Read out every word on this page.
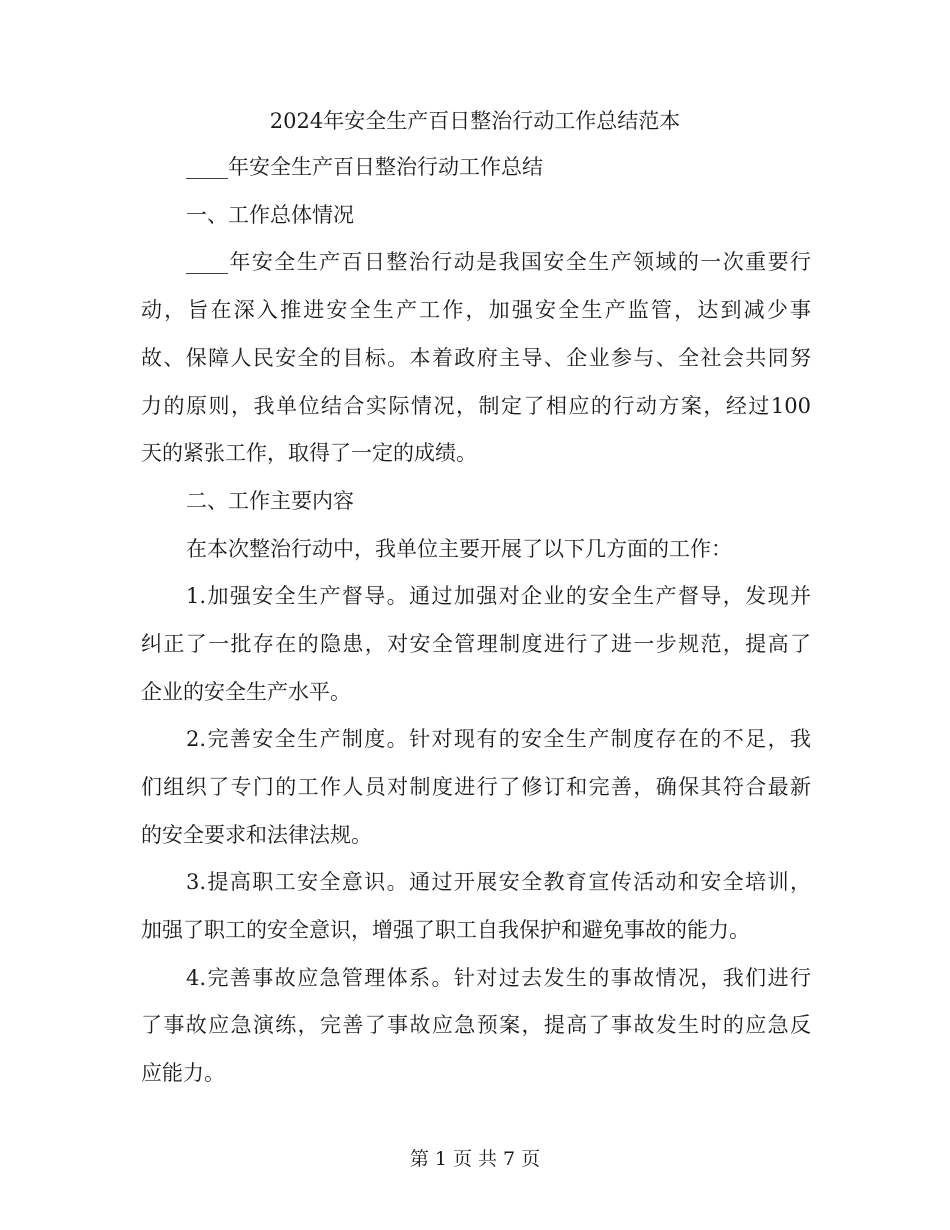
2024年安全生产百日整治行动工作总结范本

____年安全生产百日整治行动工作总结

一、工作总体情况

____年安全生产百日整治行动是我国安全生产领域的一次重要行

动，旨在深入推进安全生产工作，加强安全生产监管，达到减少事

故、保障人民安全的目标。本着政府主导、企业参与、全社会共同努

力的原则，我单位结合实际情况，制定了相应的行动方案，经过100

天的紧张工作，取得了一定的成绩。

二、工作主要内容

在本次整治行动中，我单位主要开展了以下几方面的工作：

1.加强安全生产督导。通过加强对企业的安全生产督导，发现并

纠正了一批存在的隐患，对安全管理制度进行了进一步规范，提高了

企业的安全生产水平。

2.完善安全生产制度。针对现有的安全生产制度存在的不足，我

们组织了专门的工作人员对制度进行了修订和完善，确保其符合最新

的安全要求和法律法规。

3.提高职工安全意识。通过开展安全教育宣传活动和安全培训，

加强了职工的安全意识，增强了职工自我保护和避免事故的能力。

4.完善事故应急管理体系。针对过去发生的事故情况，我们进行

了事故应急演练，完善了事故应急预案，提高了事故发生时的应急反

应能力。

第 1 页 共 7 页
